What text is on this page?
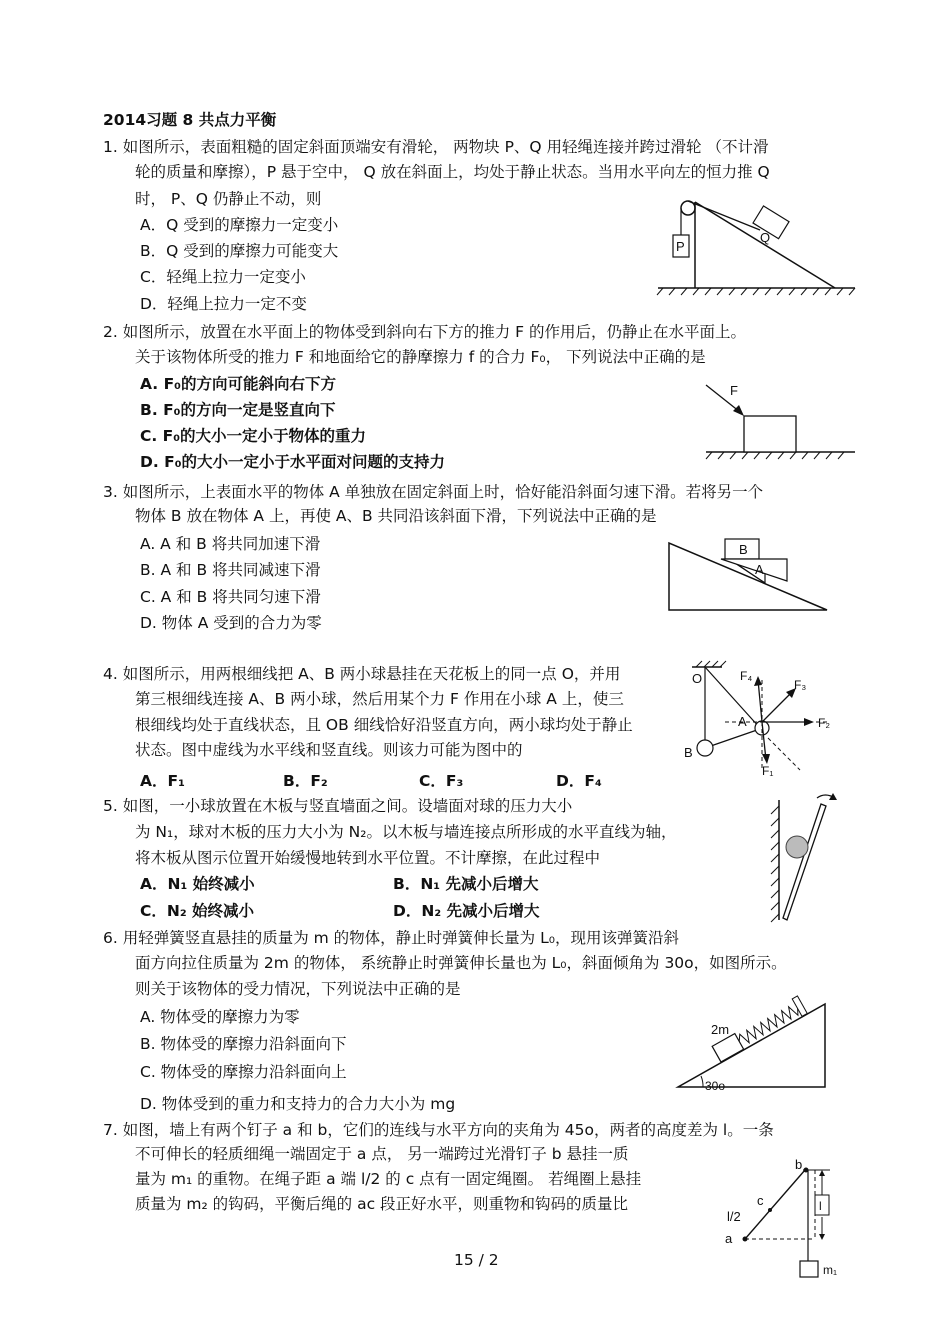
2014习题 8 共点力平衡
1. 如图所示，表面粗糙的固定斜面顶端安有滑轮， 两物块 P、Q 用轻绳连接并跨过滑轮 （不计滑
轮的质量和摩擦），P 悬于空中， Q 放在斜面上，均处于静止状态。当用水平向左的恒力推 Q
时， P、Q 仍静止不动，则
A．Q 受到的摩擦力一定变小
B．Q 受到的摩擦力可能变大
C．轻绳上拉力一定变小
D．轻绳上拉力一定不变
P
Q
2. 如图所示，放置在水平面上的物体受到斜向右下方的推力 F 的作用后，仍静止在水平面上。
关于该物体所受的推力 F 和地面给它的静摩擦力 f 的合力 F₀， 下列说法中正确的是
A. F₀的方向可能斜向右下方
B. F₀的方向一定是竖直向下
C. F₀的大小一定小于物体的重力
D. F₀的大小一定小于水平面对问题的支持力
F
3. 如图所示，上表面水平的物体 A 单独放在固定斜面上时，恰好能沿斜面匀速下滑。若将另一个
物体 B 放在物体 A 上，再使 A、B 共同沿该斜面下滑，下列说法中正确的是
A. A 和 B 将共同加速下滑
B. A 和 B 将共同减速下滑
C. A 和 B 将共同匀速下滑
D. 物体 A 受到的合力为零
B
A
4. 如图所示，用两根细线把 A、B 两小球悬挂在天花板上的同一点 O，并用
第三根细线连接 A、B 两小球，然后用某个力 F 作用在小球 A 上，使三
根细线均处于直线状态，且 OB 细线恰好沿竖直方向，两小球均处于静止
状态。图中虚线为水平线和竖直线。则该力可能为图中的
A．F₁	B．F₂	C．F₃	D．F₄
O
A
B
F₄
F₃
F₂
F₁
5. 如图，一小球放置在木板与竖直墙面之间。设墙面对球的压力大小
为 N₁，球对木板的压力大小为 N₂。以木板与墙连接点所形成的水平直线为轴，
将木板从图示位置开始缓慢地转到水平位置。不计摩擦，在此过程中
A．N₁ 始终减小	B．N₁ 先减小后增大
C．N₂ 始终减小	D．N₂ 先减小后增大
6. 用轻弹簧竖直悬挂的质量为 m 的物体，静止时弹簧伸长量为 L₀，现用该弹簧沿斜
面方向拉住质量为 2m 的物体， 系统静止时弹簧伸长量也为 L₀，斜面倾角为 30o，如图所示。
则关于该物体的受力情况，下列说法中正确的是
A. 物体受的摩擦力为零
B. 物体受的摩擦力沿斜面向下
C. 物体受的摩擦力沿斜面向上
D. 物体受到的重力和支持力的合力大小为 mg
2m
30o
7. 如图，墙上有两个钉子 a 和 b，它们的连线与水平方向的夹角为 45o，两者的高度差为 l。一条
不可伸长的轻质细绳一端固定于 a 点， 另一端跨过光滑钉子 b 悬挂一质
量为 m₁ 的重物。在绳子距 a 端 l/2 的 c 点有一固定绳圈。 若绳圈上悬挂
质量为 m₂ 的钩码，平衡后绳的 ac 段正好水平，则重物和钩码的质量比
b
c
l/2
a
l
m₁
15 / 2
